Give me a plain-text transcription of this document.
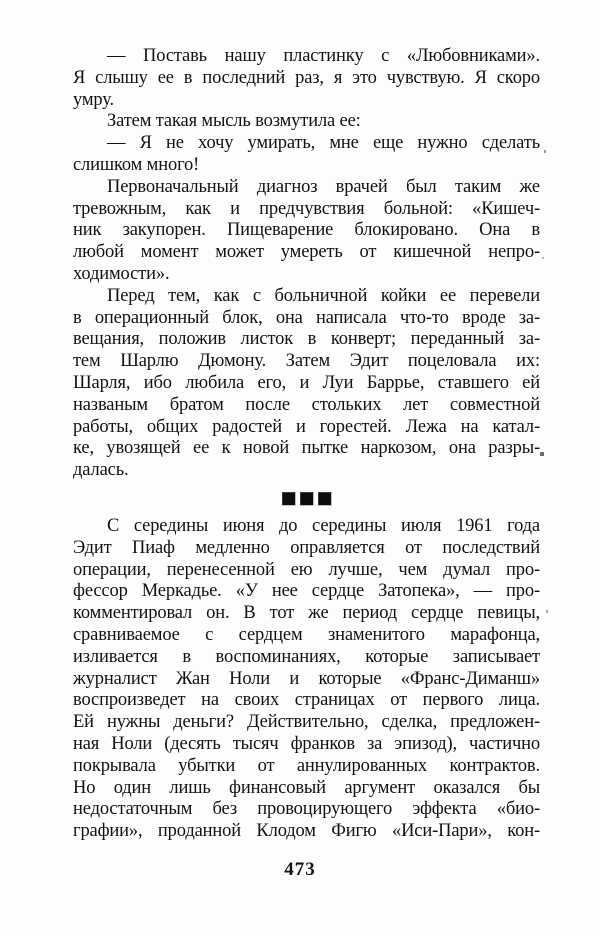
— Поставь нашу пластинку с «Любовниками».
Я слышу ее в последний раз, я это чувствую. Я скоро
умру.
Затем такая мысль возмутила ее:
— Я не хочу умирать, мне еще нужно сделать
слишком много!
Первоначальный диагноз врачей был таким же
тревожным, как и предчувствия больной: «Кишеч-
ник закупорен. Пищеварение блокировано. Она в
любой момент может умереть от кишечной непро-
ходимости».
Перед тем, как с больничной койки ее перевели
в операционный блок, она написала что-то вроде за-
вещания, положив листок в конверт; переданный за-
тем Шарлю Дюмону. Затем Эдит поцеловала их:
Шарля, ибо любила его, и Луи Баррье, ставшего ей
названым братом после стольких лет совместной
работы, общих радостей и горестей. Лежа на катал-
ке, увозящей ее к новой пытке наркозом, она разры-
далась.
С середины июня до середины июля 1961 года
Эдит Пиаф медленно оправляется от последствий
операции, перенесенной ею лучше, чем думал про-
фессор Меркадье. «У нее сердце Затопека», — про-
комментировал он. В тот же период сердце певицы,
сравниваемое с сердцем знаменитого марафонца,
изливается в воспоминаниях, которые записывает
журналист Жан Ноли и которые «Франс-Диманш»
воспроизведет на своих страницах от первого лица.
Ей нужны деньги? Действительно, сделка, предложен-
ная Ноли (десять тысяч франков за эпизод), частично
покрывала убытки от аннулированных контрактов.
Но один лишь финансовый аргумент оказался бы
недостаточным без провоцирующего эффекта «био-
графии», проданной Клодом Фигю «Иси-Пари», кон-
473
